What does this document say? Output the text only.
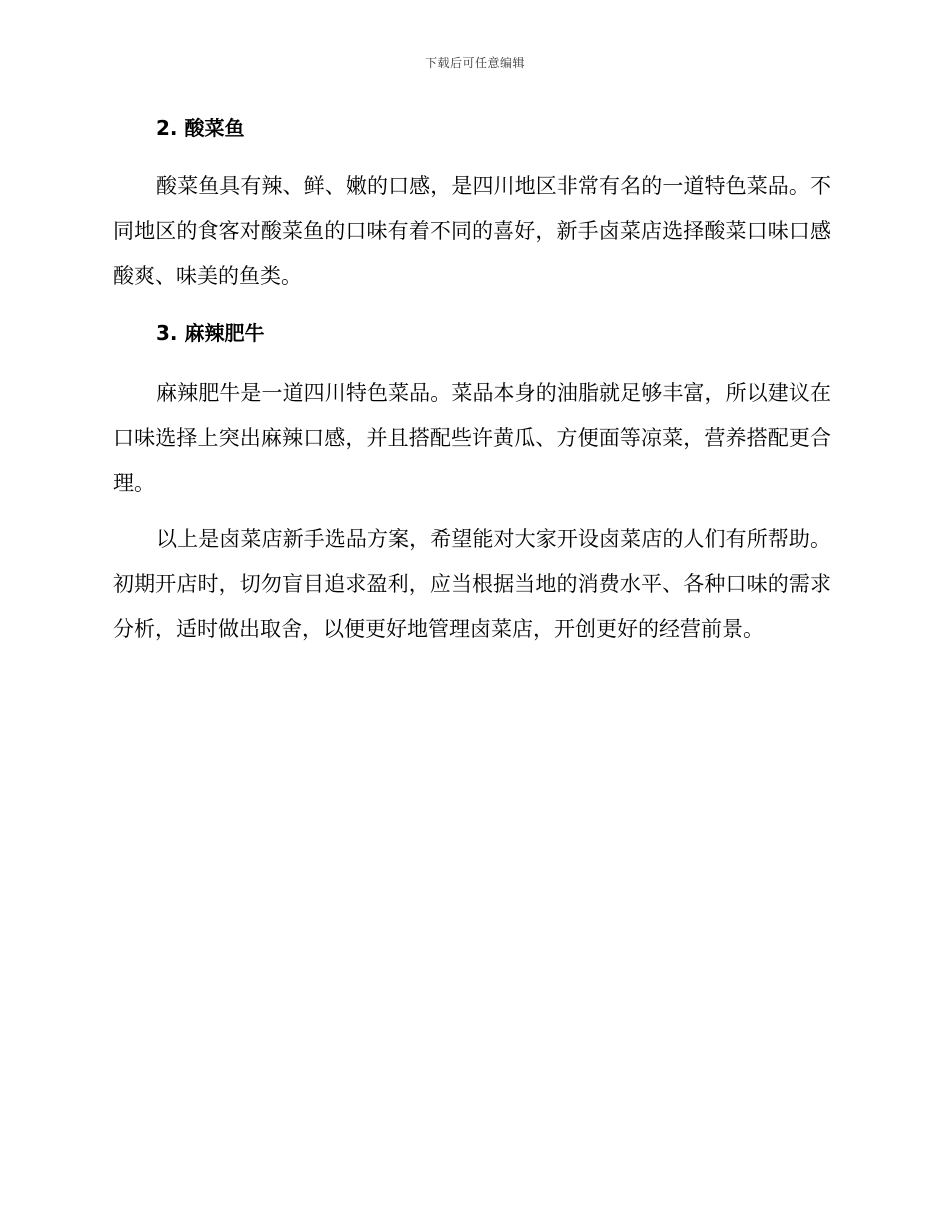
下载后可任意编辑
2. 酸菜鱼

酸菜鱼具有辣、鲜、嫩的口感，是四川地区非常有名的一道特色菜品。不同地区的食客对酸菜鱼的口味有着不同的喜好，新手卤菜店选择酸菜口味口感酸爽、味美的鱼类。

3. 麻辣肥牛

麻辣肥牛是一道四川特色菜品。菜品本身的油脂就足够丰富，所以建议在口味选择上突出麻辣口感，并且搭配些许黄瓜、方便面等凉菜，营养搭配更合理。

以上是卤菜店新手选品方案，希望能对大家开设卤菜店的人们有所帮助。初期开店时，切勿盲目追求盈利，应当根据当地的消费水平、各种口味的需求分析，适时做出取舍，以便更好地管理卤菜店，开创更好的经营前景。
